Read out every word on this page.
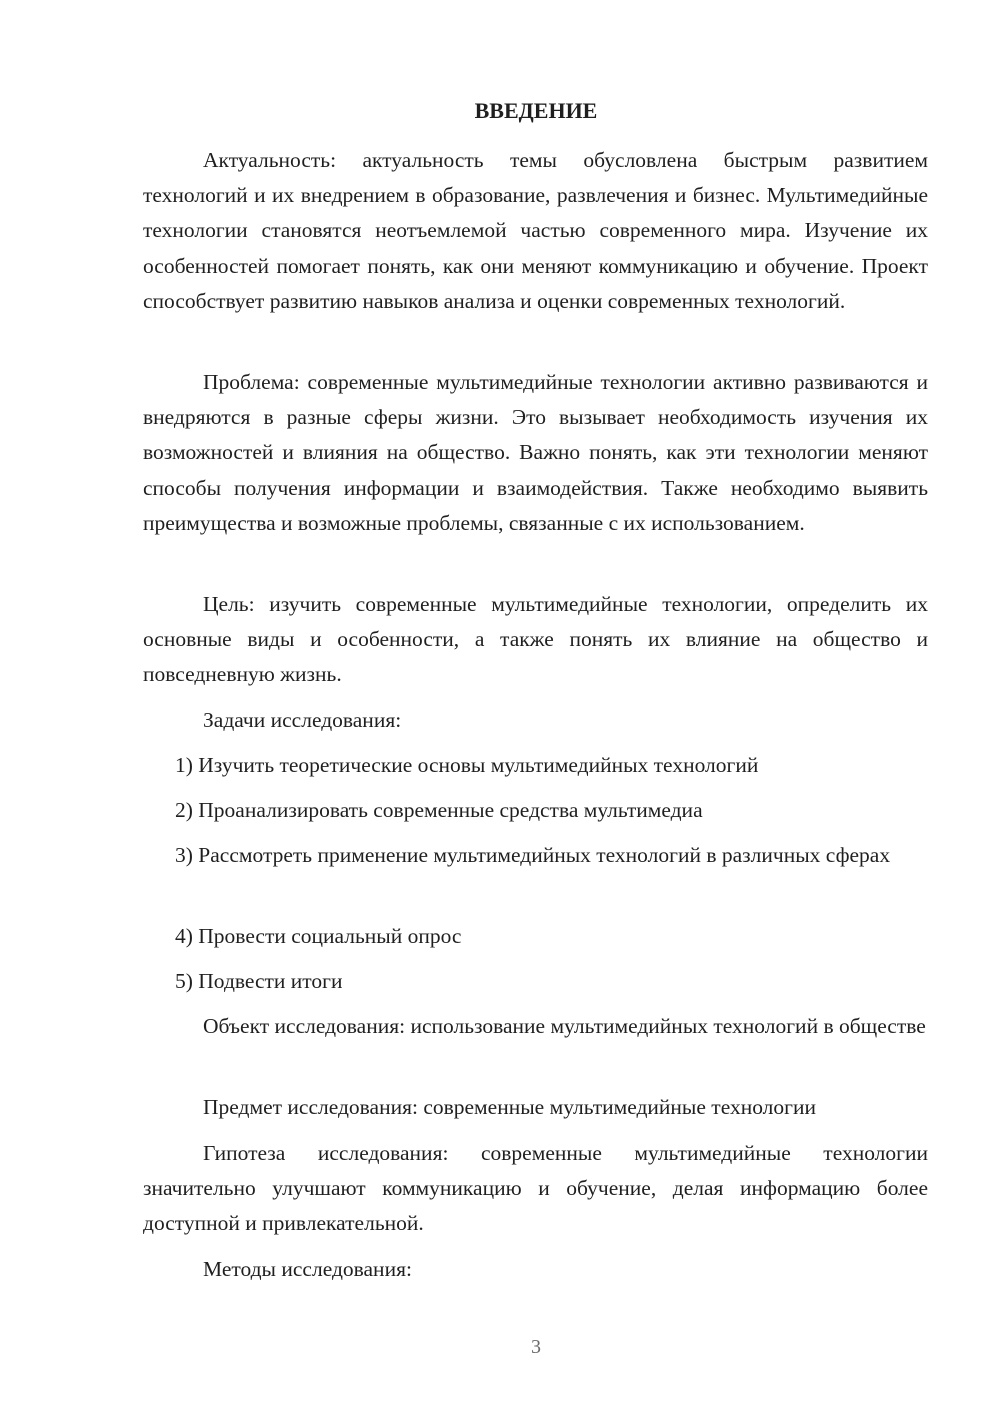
ВВЕДЕНИЕ

Актуальность: актуальность темы обусловлена быстрым развитием технологий и их внедрением в образование, развлечения и бизнес. Мультимедийные технологии становятся неотъемлемой частью современного мира. Изучение их особенностей помогает понять, как они меняют коммуникацию и обучение. Проект способствует развитию навыков анализа и оценки современных технологий.

Проблема: современные мультимедийные технологии активно развиваются и внедряются в разные сферы жизни. Это вызывает необходимость изучения их возможностей и влияния на общество. Важно понять, как эти технологии меняют способы получения информации и взаимодействия. Также необходимо выявить преимущества и возможные проблемы, связанные с их использованием.

Цель: изучить современные мультимедийные технологии, определить их основные виды и особенности, а также понять их влияние на общество и повседневную жизнь.

Задачи исследования:

1) Изучить теоретические основы мультимедийных технологий

2) Проанализировать современные средства мультимедиа

3) Рассмотреть применение мультимедийных технологий в различных сферах

4) Провести социальный опрос

5) Подвести итоги

Объект исследования: использование мультимедийных технологий в обществе

Предмет исследования: современные мультимедийные технологии

Гипотеза исследования: современные мультимедийные технологии значительно улучшают коммуникацию и обучение, делая информацию более доступной и привлекательной.

Методы исследования:

3
